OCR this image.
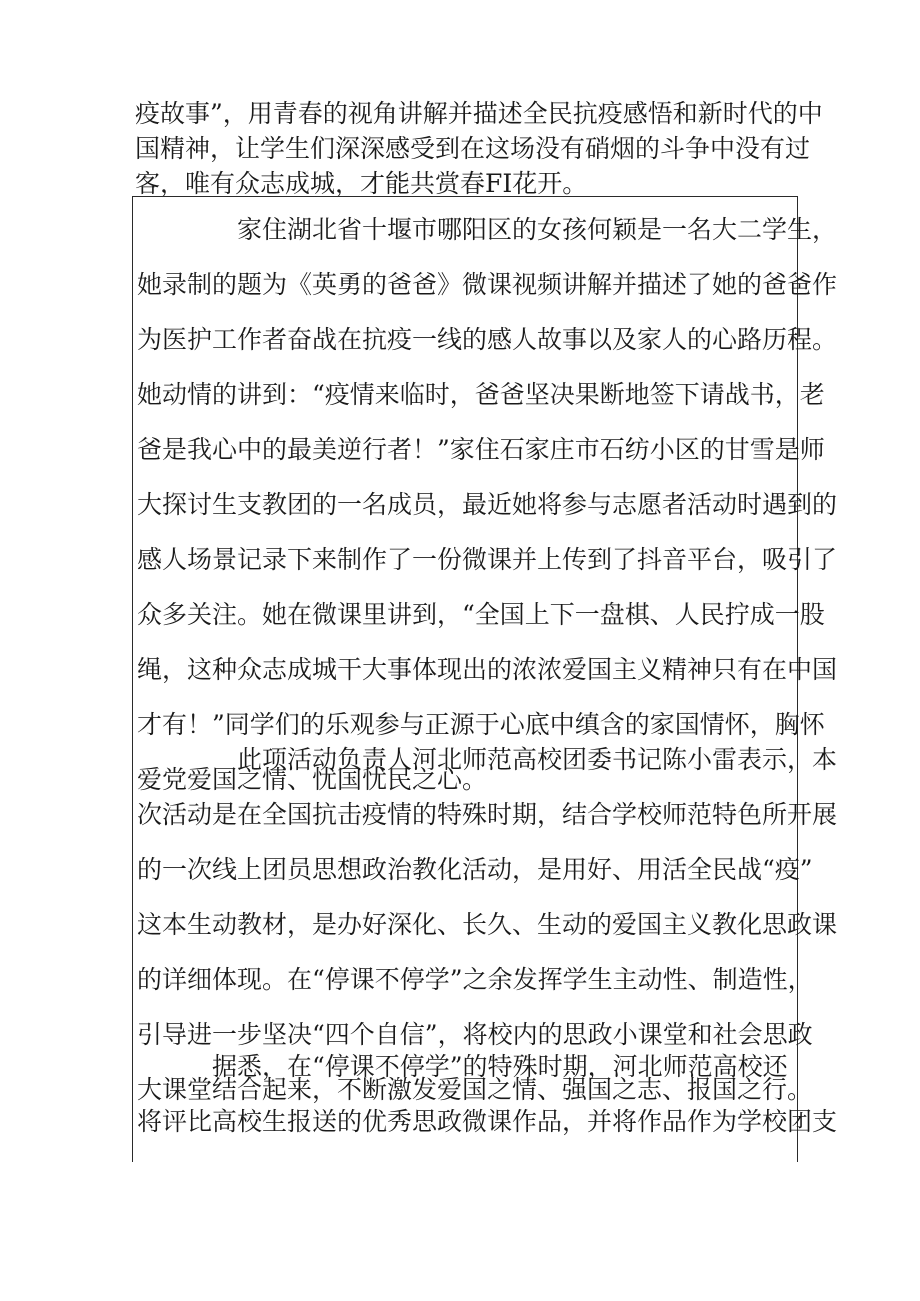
疫故事”，用青春的视角讲解并描述全民抗疫感悟和新时代的中
国精神，让学生们深深感受到在这场没有硝烟的斗争中没有过
客，唯有众志成城，才能共赏春FI花开。
家住湖北省十堰市哪阳区的女孩何颖是一名大二学生，
她录制的题为《英勇的爸爸》微课视频讲解并描述了她的爸爸作
为医护工作者奋战在抗疫一线的感人故事以及家人的心路历程。
她动情的讲到：“疫情来临时，爸爸坚决果断地签下请战书，老
爸是我心中的最美逆行者！”家住石家庄市石纺小区的甘雪是师
大探讨生支教团的一名成员，最近她将参与志愿者活动时遇到的
感人场景记录下来制作了一份微课并上传到了抖音平台，吸引了
众多关注。她在微课里讲到，“全国上下一盘棋、人民拧成一股
绳，这种众志成城干大事体现出的浓浓爱国主义精神只有在中国
才有！”同学们的乐观参与正源于心底中缜含的家国情怀，胸怀
爱党爱国之情、忧国忧民之心。
此项活动负责人河北师范高校团委书记陈小雷表示，本
次活动是在全国抗击疫情的特殊时期，结合学校师范特色所开展
的一次线上团员思想政治教化活动，是用好、用活全民战“疫”
这本生动教材，是办好深化、长久、生动的爱国主义教化思政课
的详细体现。在“停课不停学”之余发挥学生主动性、制造性，
引导进一步坚决“四个自信”，将校内的思政小课堂和社会思政
大课堂结合起来，不断激发爱国之情、强国之志、报国之行。
据悉，在“停课不停学”的特殊时期，河北师范高校还
将评比高校生报送的优秀思政微课作品，并将作品作为学校团支
